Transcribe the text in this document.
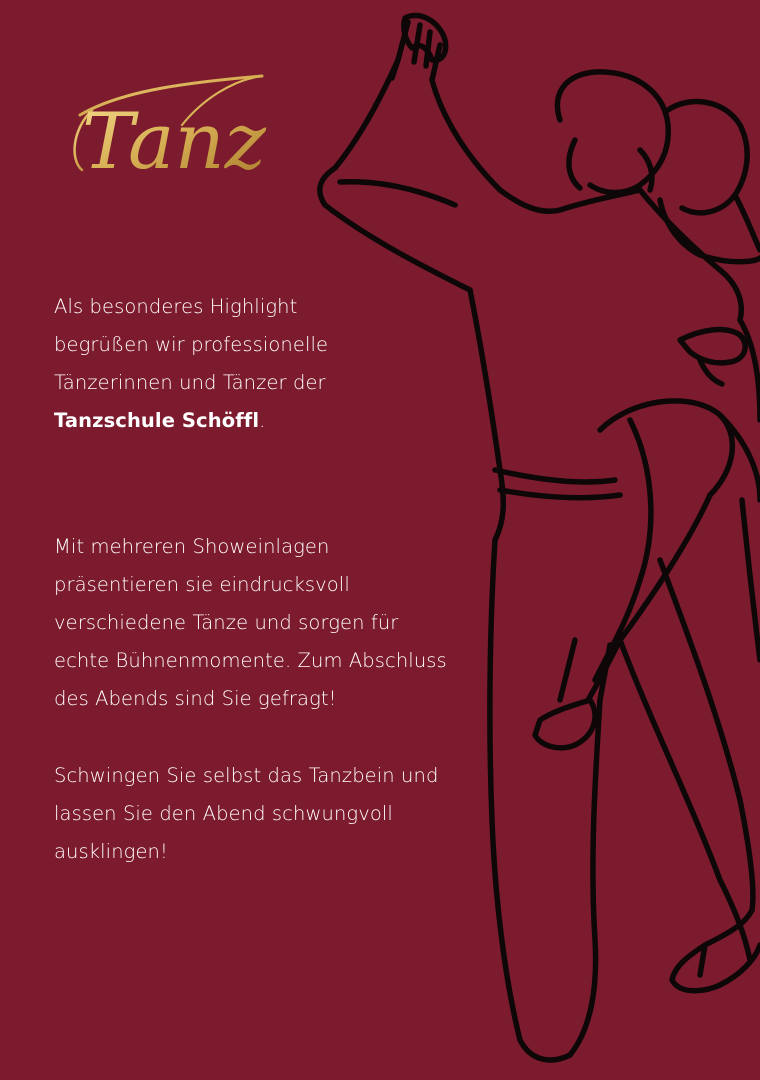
Tanz
Als besonderes Highlight
begrüßen wir professionelle
Tänzerinnen und Tänzer der
Tanzschule Schöffl.
Mit mehreren Showeinlagen
präsentieren sie eindrucksvoll
verschiedene Tänze und sorgen für
echte Bühnenmomente. Zum Abschluss
des Abends sind Sie gefragt!
Schwingen Sie selbst das Tanzbein und
lassen Sie den Abend schwungvoll
ausklingen!
